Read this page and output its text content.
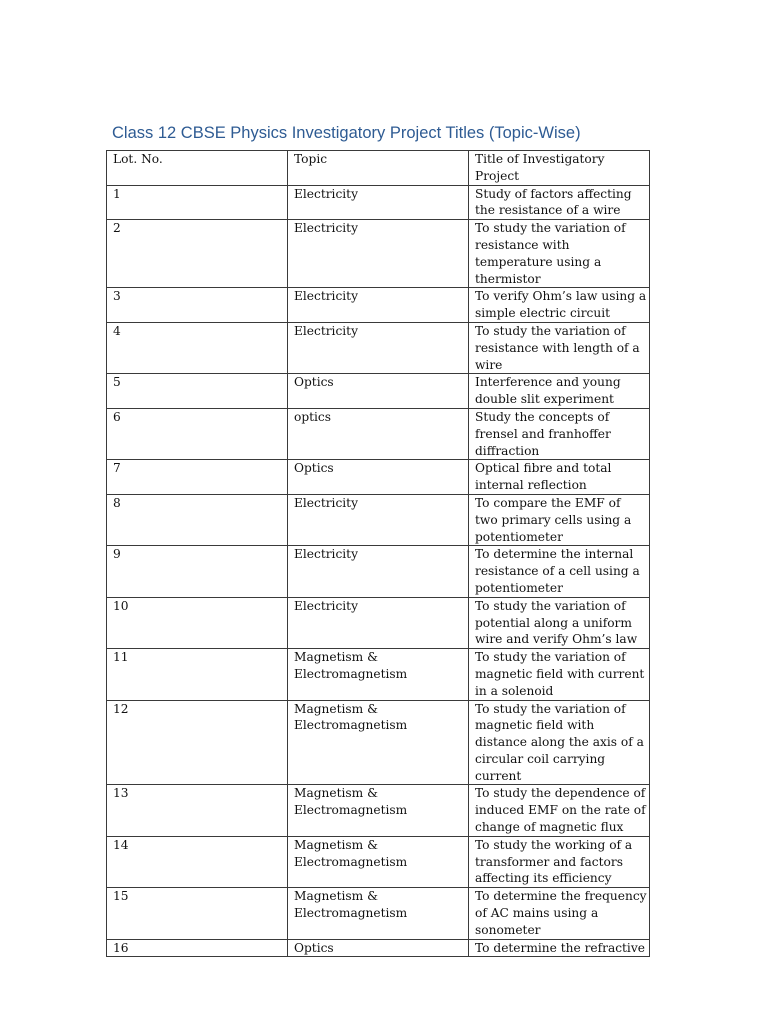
Class 12 CBSE Physics Investigatory Project Titles (Topic-Wise)
Lot. No.	Topic	Title of Investigatory Project
1	Electricity	Study of factors affecting the resistance of a wire
2	Electricity	To study the variation of resistance with temperature using a thermistor
3	Electricity	To verify Ohm’s law using a simple electric circuit
4	Electricity	To study the variation of resistance with length of a wire
5	Optics	Interference and young double slit experiment
6	optics	Study the concepts of frensel and franhoffer diffraction
7	Optics	Optical fibre and total internal reflection
8	Electricity	To compare the EMF of two primary cells using a potentiometer
9	Electricity	To determine the internal resistance of a cell using a potentiometer
10	Electricity	To study the variation of potential along a uniform wire and verify Ohm’s law
11	Magnetism & Electromagnetism	To study the variation of magnetic field with current in a solenoid
12	Magnetism & Electromagnetism	To study the variation of magnetic field with distance along the axis of a circular coil carrying current
13	Magnetism & Electromagnetism	To study the dependence of induced EMF on the rate of change of magnetic flux
14	Magnetism & Electromagnetism	To study the working of a transformer and factors affecting its efficiency
15	Magnetism & Electromagnetism	To determine the frequency of AC mains using a sonometer
16	Optics	To determine the refractive
